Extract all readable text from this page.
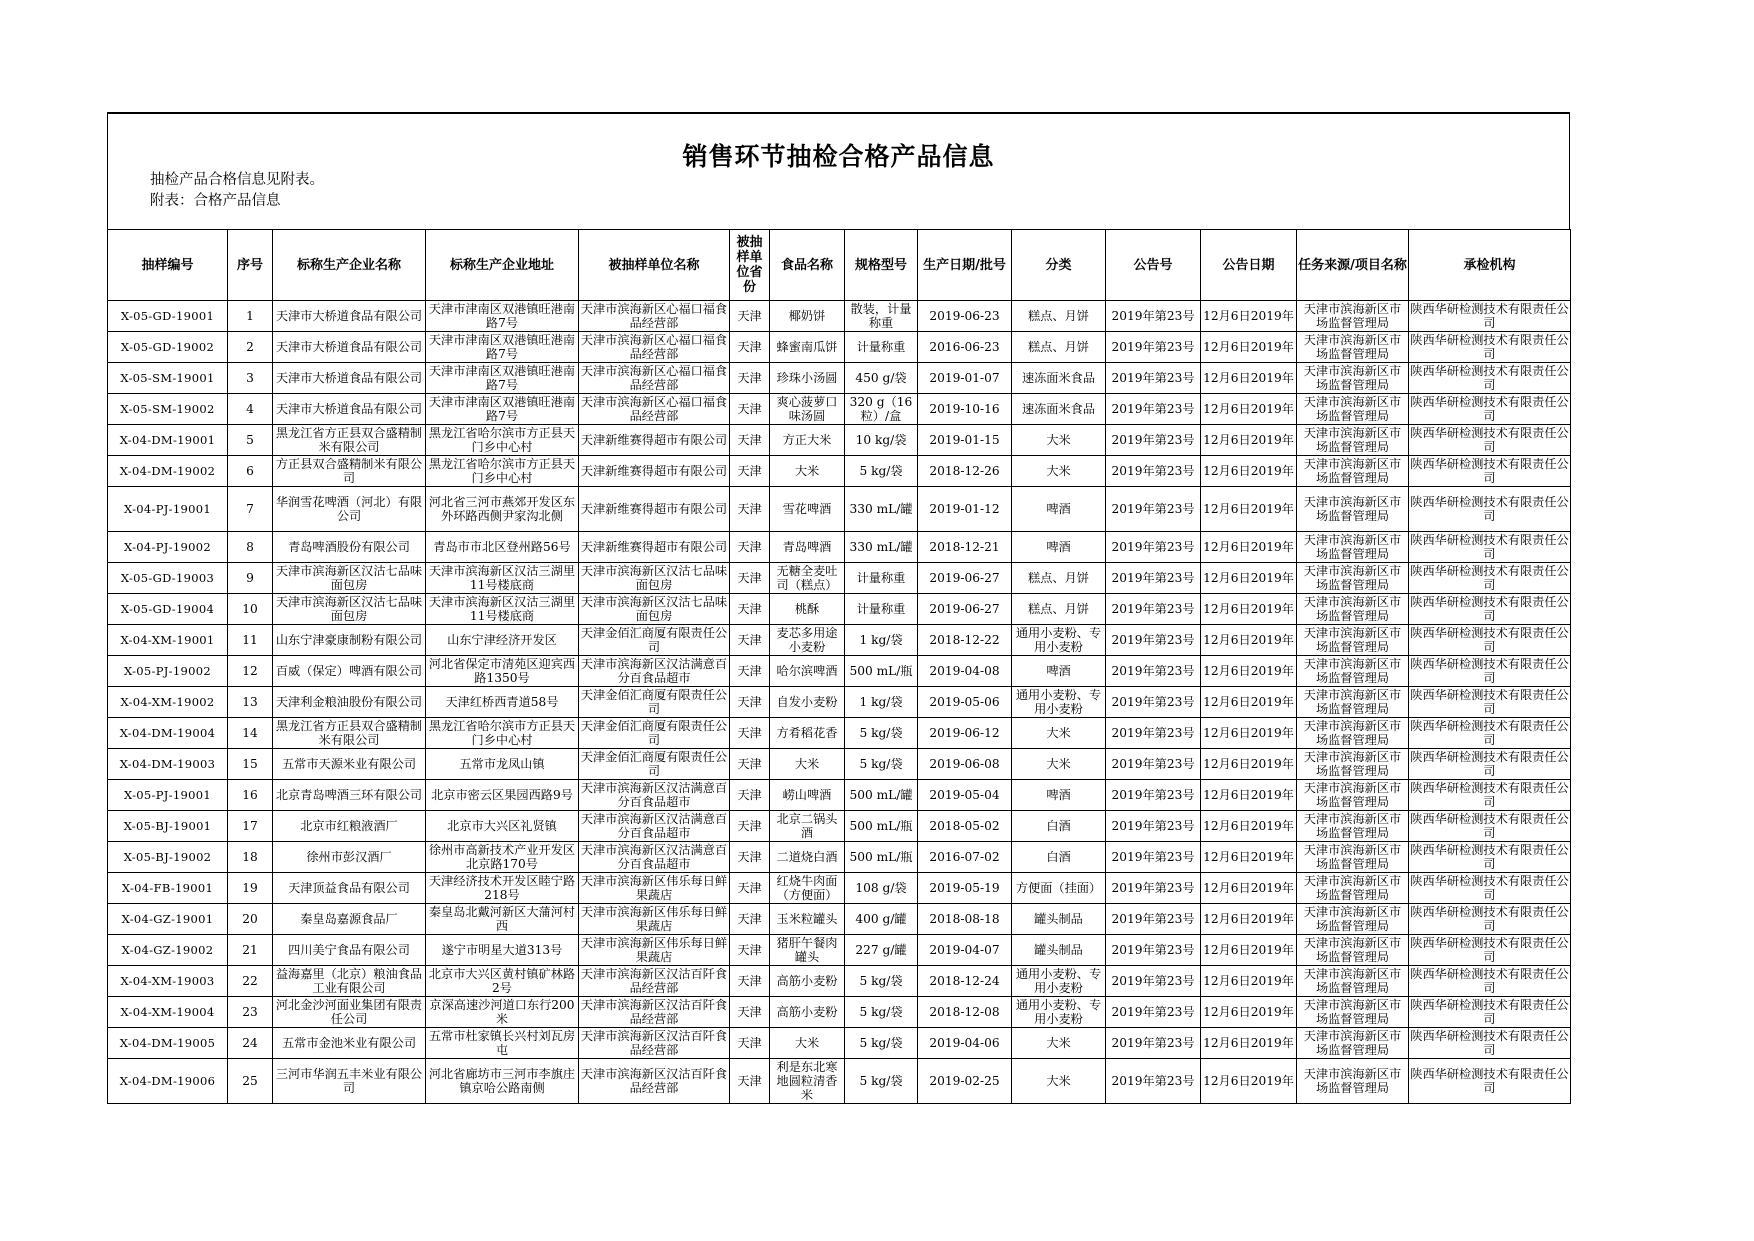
销售环节抽检合格产品信息
抽检产品合格信息见附表。
附表：合格产品信息
抽样编号	序号	标称生产企业名称	标称生产企业地址	被抽样单位名称	被抽样单位省份	食品名称	规格型号	生产日期/批号	分类	公告号	公告日期	任务来源/项目名称	承检机构

X-05-GD-19001	1	天津市大桥道食品有限公司	天津市津南区双港镇旺港南路7号	天津市滨海新区心福口福食品经营部	天津	椰奶饼	散装，计量称重	2019-06-23	糕点、月饼	2019年第23号	12月6日2019年	天津市滨海新区市场监督管理局	陕西华研检测技术有限责任公司

X-05-GD-19002	2	天津市大桥道食品有限公司	天津市津南区双港镇旺港南路7号	天津市滨海新区心福口福食品经营部	天津	蜂蜜南瓜饼	计量称重	2016-06-23	糕点、月饼	2019年第23号	12月6日2019年	天津市滨海新区市场监督管理局	陕西华研检测技术有限责任公司

X-05-SM-19001	3	天津市大桥道食品有限公司	天津市津南区双港镇旺港南路7号	天津市滨海新区心福口福食品经营部	天津	珍珠小汤圆	450 g/袋	2019-01-07	速冻面米食品	2019年第23号	12月6日2019年	天津市滨海新区市场监督管理局	陕西华研检测技术有限责任公司

X-05-SM-19002	4	天津市大桥道食品有限公司	天津市津南区双港镇旺港南路7号	天津市滨海新区心福口福食品经营部	天津	爽心菠萝口味汤圆	320 g（16粒）/盒	2019-10-16	速冻面米食品	2019年第23号	12月6日2019年	天津市滨海新区市场监督管理局	陕西华研检测技术有限责任公司

X-04-DM-19001	5	黑龙江省方正县双合盛精制米有限公司	黑龙江省哈尔滨市方正县天门乡中心村	天津新维赛得超市有限公司	天津	方正大米	10 kg/袋	2019-01-15	大米	2019年第23号	12月6日2019年	天津市滨海新区市场监督管理局	陕西华研检测技术有限责任公司

X-04-DM-19002	6	方正县双合盛精制米有限公司	黑龙江省哈尔滨市方正县天门乡中心村	天津新维赛得超市有限公司	天津	大米	5 kg/袋	2018-12-26	大米	2019年第23号	12月6日2019年	天津市滨海新区市场监督管理局	陕西华研检测技术有限责任公司

X-04-PJ-19001	7	华润雪花啤酒（河北）有限公司	河北省三河市燕郊开发区东外环路西侧尹家沟北侧	天津新维赛得超市有限公司	天津	雪花啤酒	330 mL/罐	2019-01-12	啤酒	2019年第23号	12月6日2019年	天津市滨海新区市场监督管理局	陕西华研检测技术有限责任公司

X-04-PJ-19002	8	青岛啤酒股份有限公司	青岛市市北区登州路56号	天津新维赛得超市有限公司	天津	青岛啤酒	330 mL/罐	2018-12-21	啤酒	2019年第23号	12月6日2019年	天津市滨海新区市场监督管理局	陕西华研检测技术有限责任公司

X-05-GD-19003	9	天津市滨海新区汉沽七品味面包房	天津市滨海新区汉沽三湖里11号楼底商	天津市滨海新区汉沽七品味面包房	天津	无糖全麦吐司（糕点）	计量称重	2019-06-27	糕点、月饼	2019年第23号	12月6日2019年	天津市滨海新区市场监督管理局	陕西华研检测技术有限责任公司

X-05-GD-19004	10	天津市滨海新区汉沽七品味面包房	天津市滨海新区汉沽三湖里11号楼底商	天津市滨海新区汉沽七品味面包房	天津	桃酥	计量称重	2019-06-27	糕点、月饼	2019年第23号	12月6日2019年	天津市滨海新区市场监督管理局	陕西华研检测技术有限责任公司

X-04-XM-19001	11	山东宁津豪康制粉有限公司	山东宁津经济开发区	天津金佰汇商厦有限责任公司	天津	麦芯多用途小麦粉	1 kg/袋	2018-12-22	通用小麦粉、专用小麦粉	2019年第23号	12月6日2019年	天津市滨海新区市场监督管理局	陕西华研检测技术有限责任公司

X-05-PJ-19002	12	百威（保定）啤酒有限公司	河北省保定市清苑区迎宾西路1350号	天津市滨海新区汉沽满意百分百食品超市	天津	哈尔滨啤酒	500 mL/瓶	2019-04-08	啤酒	2019年第23号	12月6日2019年	天津市滨海新区市场监督管理局	陕西华研检测技术有限责任公司

X-04-XM-19002	13	天津利金粮油股份有限公司	天津红桥西青道58号	天津金佰汇商厦有限责任公司	天津	自发小麦粉	1 kg/袋	2019-05-06	通用小麦粉、专用小麦粉	2019年第23号	12月6日2019年	天津市滨海新区市场监督管理局	陕西华研检测技术有限责任公司

X-04-DM-19004	14	黑龙江省方正县双合盛精制米有限公司	黑龙江省哈尔滨市方正县天门乡中心村	天津金佰汇商厦有限责任公司	天津	方肴稻花香	5 kg/袋	2019-06-12	大米	2019年第23号	12月6日2019年	天津市滨海新区市场监督管理局	陕西华研检测技术有限责任公司

X-04-DM-19003	15	五常市天源米业有限公司	五常市龙凤山镇	天津金佰汇商厦有限责任公司	天津	大米	5 kg/袋	2019-06-08	大米	2019年第23号	12月6日2019年	天津市滨海新区市场监督管理局	陕西华研检测技术有限责任公司

X-05-PJ-19001	16	北京青岛啤酒三环有限公司	北京市密云区果园西路9号	天津市滨海新区汉沽满意百分百食品超市	天津	崂山啤酒	500 mL/罐	2019-05-04	啤酒	2019年第23号	12月6日2019年	天津市滨海新区市场监督管理局	陕西华研检测技术有限责任公司

X-05-BJ-19001	17	北京市红粮液酒厂	北京市大兴区礼贤镇	天津市滨海新区汉沽满意百分百食品超市	天津	北京二锅头酒	500 mL/瓶	2018-05-02	白酒	2019年第23号	12月6日2019年	天津市滨海新区市场监督管理局	陕西华研检测技术有限责任公司

X-05-BJ-19002	18	徐州市彭汉酒厂	徐州市高新技术产业开发区北京路170号	天津市滨海新区汉沽满意百分百食品超市	天津	二道烧白酒	500 mL/瓶	2016-07-02	白酒	2019年第23号	12月6日2019年	天津市滨海新区市场监督管理局	陕西华研检测技术有限责任公司

X-04-FB-19001	19	天津顶益食品有限公司	天津经济技术开发区睦宁路218号	天津市滨海新区伟乐每日鲜果蔬店	天津	红烧牛肉面（方便面）	108 g/袋	2019-05-19	方便面（挂面）	2019年第23号	12月6日2019年	天津市滨海新区市场监督管理局	陕西华研检测技术有限责任公司

X-04-GZ-19001	20	秦皇岛嘉源食品厂	秦皇岛北戴河新区大蒲河村西	天津市滨海新区伟乐每日鲜果蔬店	天津	玉米粒罐头	400 g/罐	2018-08-18	罐头制品	2019年第23号	12月6日2019年	天津市滨海新区市场监督管理局	陕西华研检测技术有限责任公司

X-04-GZ-19002	21	四川美宁食品有限公司	遂宁市明星大道313号	天津市滨海新区伟乐每日鲜果蔬店	天津	猪肝午餐肉罐头	227 g/罐	2019-04-07	罐头制品	2019年第23号	12月6日2019年	天津市滨海新区市场监督管理局	陕西华研检测技术有限责任公司

X-04-XM-19003	22	益海嘉里（北京）粮油食品工业有限公司	北京市大兴区黄村镇矿林路2号	天津市滨海新区汉沽百阡食品经营部	天津	高筋小麦粉	5 kg/袋	2018-12-24	通用小麦粉、专用小麦粉	2019年第23号	12月6日2019年	天津市滨海新区市场监督管理局	陕西华研检测技术有限责任公司

X-04-XM-19004	23	河北金沙河面业集团有限责任公司	京深高速沙河道口东行200米	天津市滨海新区汉沽百阡食品经营部	天津	高筋小麦粉	5 kg/袋	2018-12-08	通用小麦粉、专用小麦粉	2019年第23号	12月6日2019年	天津市滨海新区市场监督管理局	陕西华研检测技术有限责任公司

X-04-DM-19005	24	五常市金池米业有限公司	五常市杜家镇长兴村刘瓦房屯	天津市滨海新区汉沽百阡食品经营部	天津	大米	5 kg/袋	2019-04-06	大米	2019年第23号	12月6日2019年	天津市滨海新区市场监督管理局	陕西华研检测技术有限责任公司

X-04-DM-19006	25	三河市华润五丰米业有限公司	河北省廊坊市三河市李旗庄镇京哈公路南侧	天津市滨海新区汉沽百阡食品经营部	天津	利是东北寒地圆粒清香米	5 kg/袋	2019-02-25	大米	2019年第23号	12月6日2019年	天津市滨海新区市场监督管理局	陕西华研检测技术有限责任公司
